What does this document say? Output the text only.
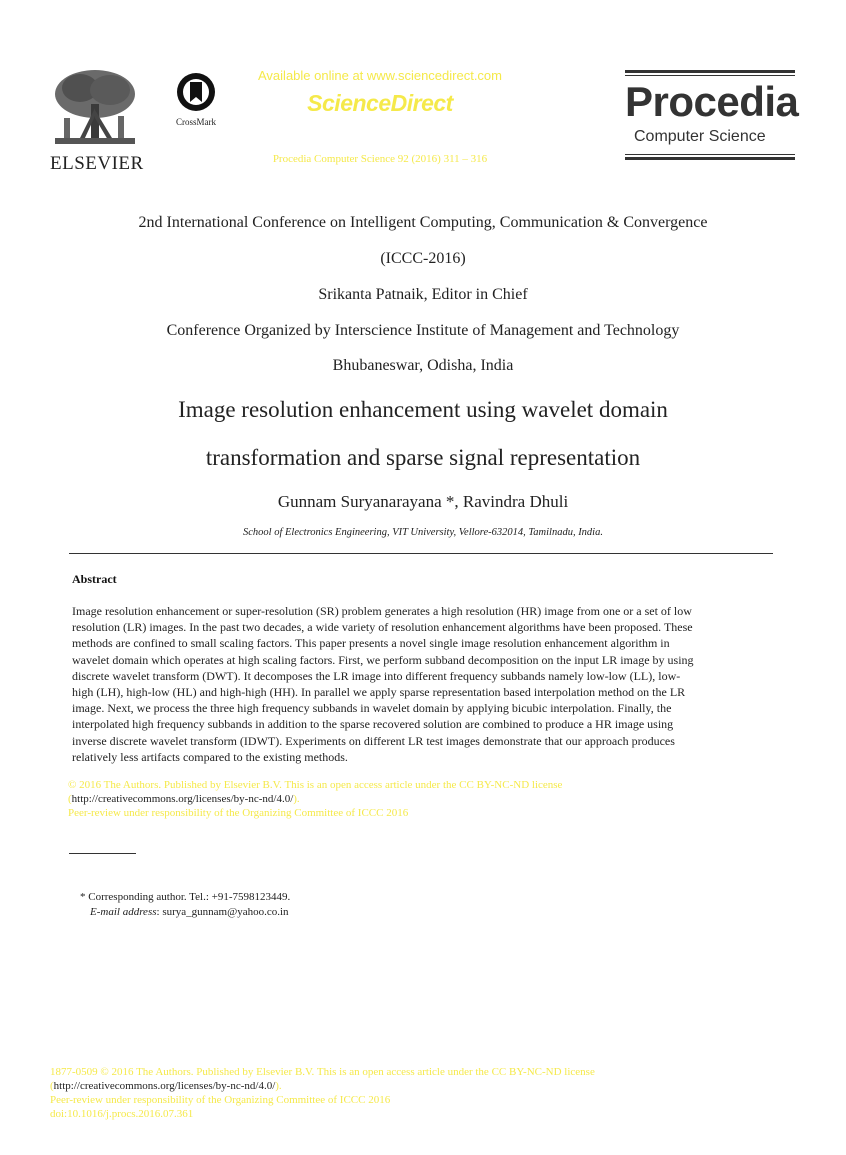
ELSEVIER
CrossMark
Available online at www.sciencedirect.com
ScienceDirect
Procedia Computer Science 92 (2016) 311 – 316
Procedia
Computer Science
2nd International Conference on Intelligent Computing, Communication & Convergence
(ICCC-2016)
Srikanta Patnaik, Editor in Chief
Conference Organized by Interscience Institute of Management and Technology
Bhubaneswar, Odisha, India
Image resolution enhancement using wavelet domain
transformation and sparse signal representation
Gunnam Suryanarayana *, Ravindra Dhuli
School of Electronics Engineering, VIT University, Vellore-632014, Tamilnadu, India.
Abstract
Image resolution enhancement or super-resolution (SR) problem generates a high resolution (HR) image from one or a set of low
resolution (LR) images. In the past two decades, a wide variety of resolution enhancement algorithms have been proposed. These
methods are confined to small scaling factors. This paper presents a novel single image resolution enhancement algorithm in
wavelet domain which operates at high scaling factors. First, we perform subband decomposition on the input LR image by using
discrete wavelet transform (DWT). It decomposes the LR image into different frequency subbands namely low-low (LL), low-
high (LH), high-low (HL) and high-high (HH). In parallel we apply sparse representation based interpolation method on the LR
image. Next, we process the three high frequency subbands in wavelet domain by applying bicubic interpolation. Finally, the
interpolated high frequency subbands in addition to the sparse recovered solution are combined to produce a HR image using
inverse discrete wavelet transform (IDWT). Experiments on different LR test images demonstrate that our approach produces
relatively less artifacts compared to the existing methods.
© 2016 The Authors. Published by Elsevier B.V. This is an open access article under the CC BY-NC-ND license
(http://creativecommons.org/licenses/by-nc-nd/4.0/).
Peer-review under responsibility of the Organizing Committee of ICCC 2016
* Corresponding author. Tel.: +91-7598123449.
E-mail address: surya_gunnam@yahoo.co.in
1877-0509 © 2016 The Authors. Published by Elsevier B.V. This is an open access article under the CC BY-NC-ND license
(http://creativecommons.org/licenses/by-nc-nd/4.0/).
Peer-review under responsibility of the Organizing Committee of ICCC 2016
doi:10.1016/j.procs.2016.07.361
